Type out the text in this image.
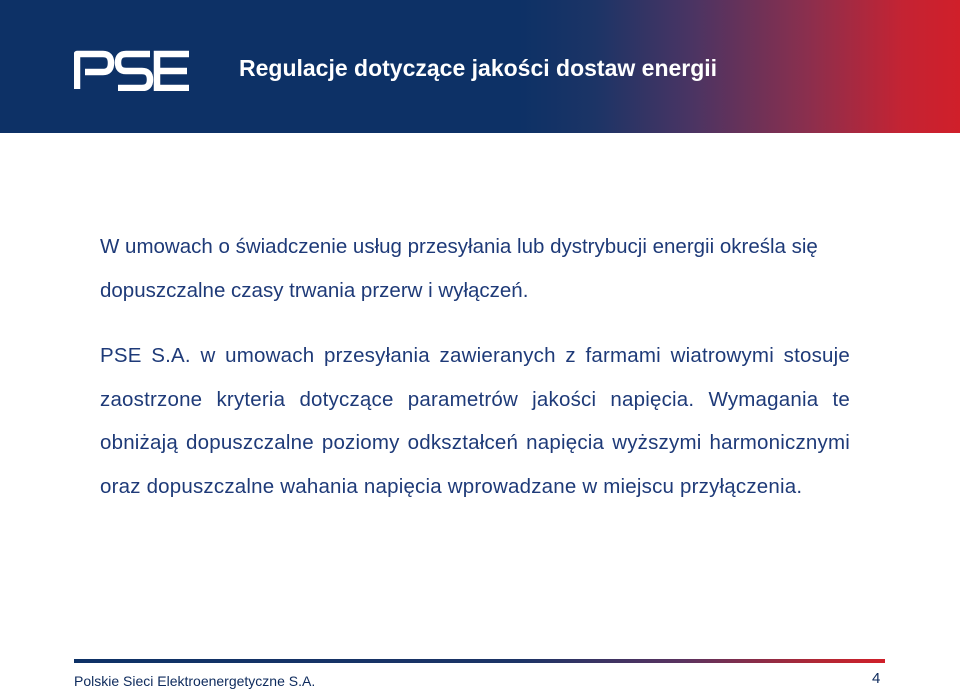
Regulacje dotyczące jakości dostaw energii

W umowach o świadczenie usług przesyłania lub dystrybucji energii określa się dopuszczalne czasy trwania przerw i wyłączeń.

PSE S.A. w umowach przesyłania zawieranych z farmami wiatrowymi stosuje zaostrzone kryteria dotyczące parametrów jakości napięcia. Wymagania te obniżają dopuszczalne poziomy odkształceń napięcia wyższymi harmonicznymi oraz dopuszczalne wahania napięcia wprowadzane w miejscu przyłączenia.

Polskie Sieci Elektroenergetyczne S.A.	4
